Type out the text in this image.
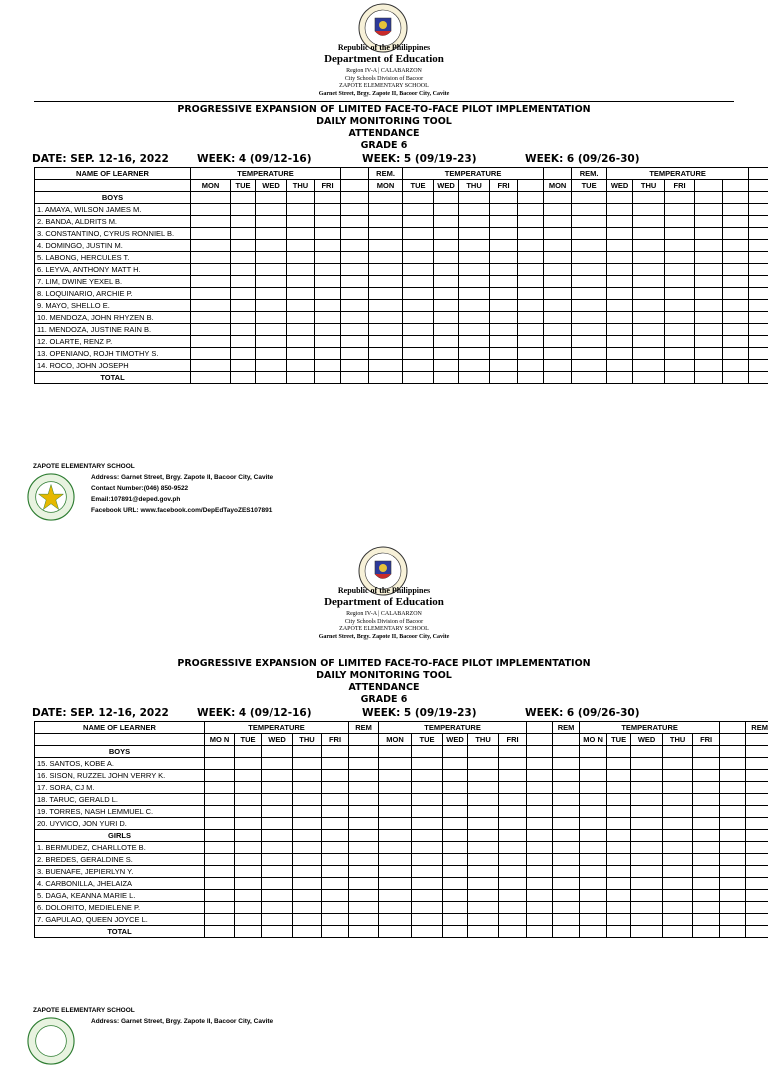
Republic of the Philippines
Department of Education
Region IV-A | CALABARZON
City Schools Division of Bacoor
ZAPOTE ELEMENTARY SCHOOL
Garnet Street, Brgy. Zapote II, Bacoor City, Cavite
PROGRESSIVE EXPANSION OF LIMITED FACE-TO-FACE PILOT IMPLEMENTATION
DAILY MONITORING TOOL
ATTENDANCE
GRADE 6
DATE: SEP. 12-16, 2022	WEEK: 4 (09/12-16)	WEEK: 5 (09/19-23)	WEEK: 6 (09/26-30)
NAME OF LEARNER	TEMPERATURE						REM.	TEMPERATURE						REM.	TEMPERATURE		
	MON	TUE	WED	THU	FRI		MON	TUE	WED	THU	FRI		MON	TUE	WED	THU	FRI				
BOYS																					
1. AMAYA, WILSON JAMES M.																					
2. BANDA, ALDRITS M.																					
3. CONSTANTINO, CYRUS RONNIEL B.																					
4. DOMINGO, JUSTIN M.																					
5. LABONG, HERCULES T.																					
6. LEYVA, ANTHONY MATT H.																					
7. LIM, DWINE YEXEL B.																					
8. LOQUINARIO, ARCHIE P.																					
9. MAYO, SHELLO E.																					
10. MENDOZA, JOHN RHYZEN B.																					
11. MENDOZA, JUSTINE RAIN B.																					
12. OLARTE, RENZ P.																					
13. OPENIANO, ROJH TIMOTHY S.																					
14. ROCO, JOHN JOSEPH																					
TOTAL																					
ZAPOTE ELEMENTARY SCHOOL
Address: Garnet Street, Brgy. Zapote II, Bacoor City, Cavite
Contact Number:(046) 850-9522
Email:107891@deped.gov.ph
Facebook URL: www.facebook.com/DepEdTayoZES107891
Republic of the Philippines
Department of Education
Region IV-A | CALABARZON
City Schools Division of Bacoor
ZAPOTE ELEMENTARY SCHOOL
Garnet Street, Brgy. Zapote II, Bacoor City, Cavite
PROGRESSIVE EXPANSION OF LIMITED FACE-TO-FACE PILOT IMPLEMENTATION
DAILY MONITORING TOOL
ATTENDANCE
GRADE 6
DATE: SEP. 12-16, 2022	WEEK: 4 (09/12-16)	WEEK: 5 (09/19-23)	WEEK: 6 (09/26-30)
NAME OF LEARNER	TEMPERATURE					REM	TEMPERATURE						REM	TEMPERATURE						REM
	MO N	TUE	WED	THU	FRI		MON	TUE	WED	THU	FRI			MO N	TUE	WED	THU	FRI		
BOYS																				
15. SANTOS, KOBE A.																				
16. SISON, RUZZEL JOHN VERRY K.																				
17. SORA, CJ M.																				
18. TARUC, GERALD L.																				
19. TORRES, NASH LEMMUEL C.																				
20. UYVICO, JON YURI D.																				
GIRLS																				
1. BERMUDEZ, CHARLLOTE B.																				
2. BREDES, GERALDINE S.																				
3. BUENAFE, JEPIERLYN Y.																				
4. CARBONILLA, JHELAIZA																				
5. DAGA, KEANNA MARIE L.																				
6. DOLORITO, MEDIELENE P.																				
7. GAPULAO, QUEEN JOYCE L.																				
TOTAL																				
ZAPOTE ELEMENTARY SCHOOL
Address: Garnet Street, Brgy. Zapote II, Bacoor City, Cavite
